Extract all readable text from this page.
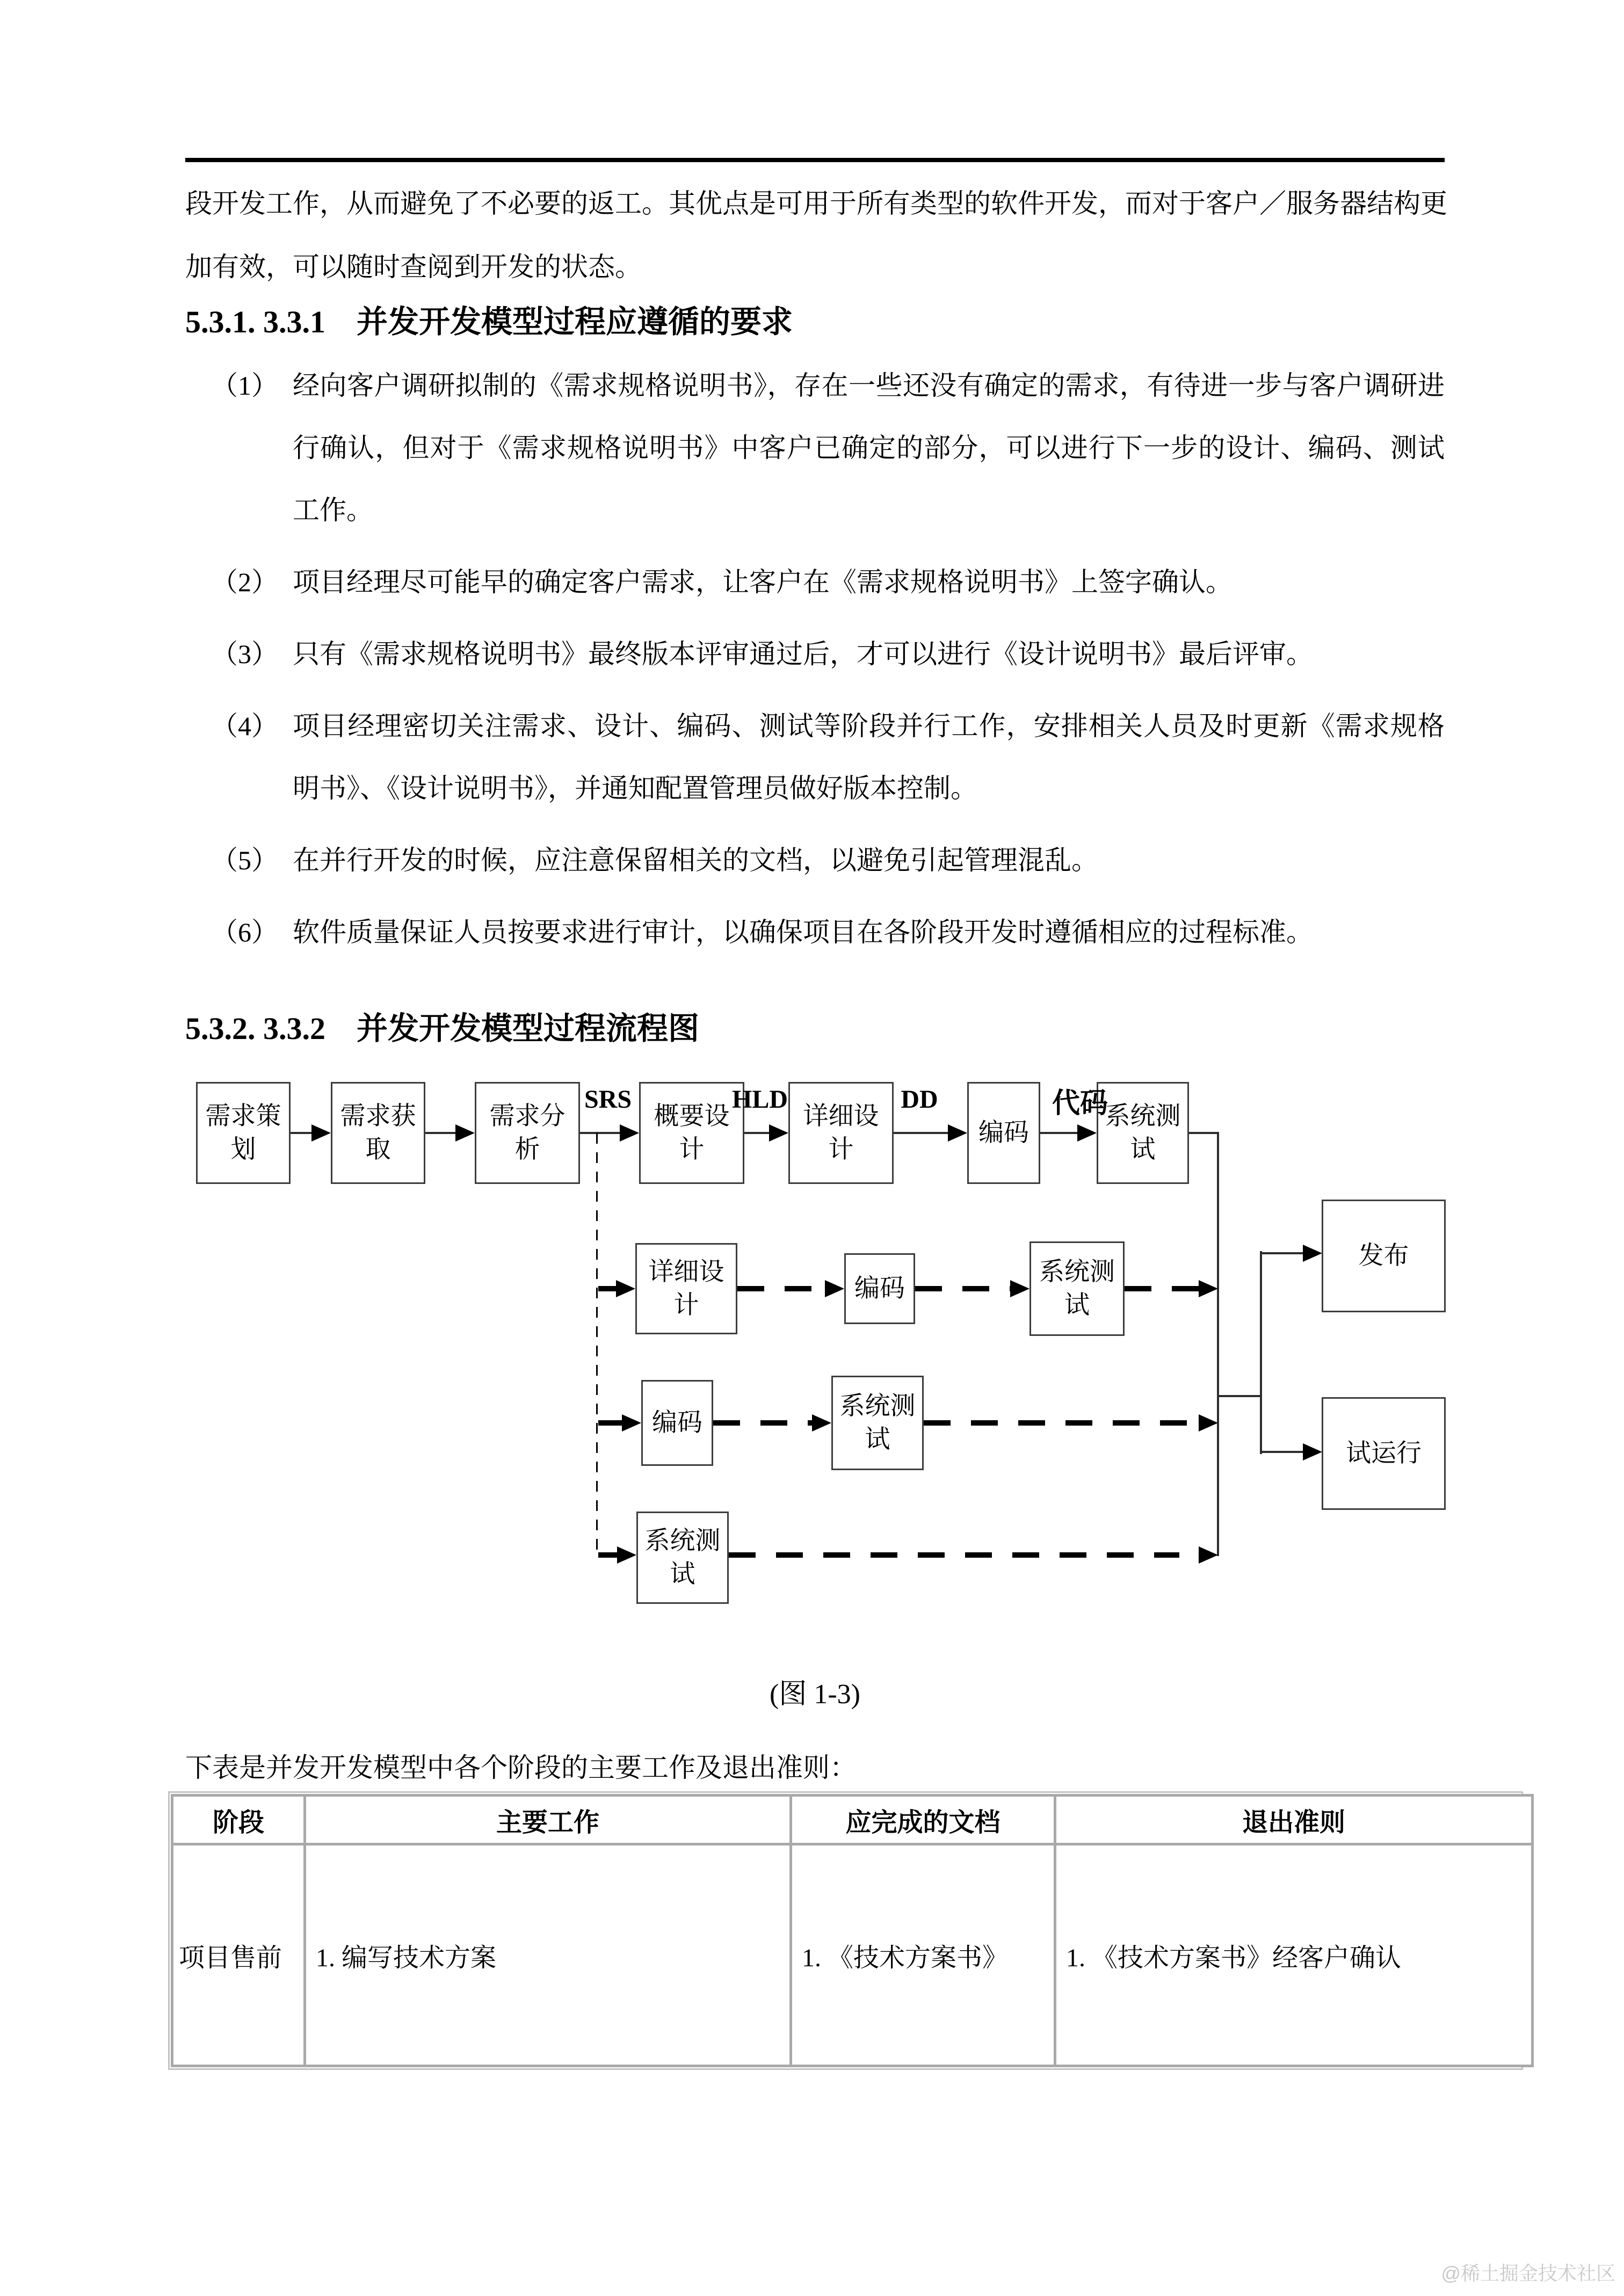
段开发工作，从而避免了不必要的返工。其优点是可用于所有类型的软件开发，而对于客户／服务器结构更加有效，可以随时查阅到开发的状态。
5.3.1. 3.3.1　并发开发模型过程应遵循的要求
（1） 经向客户调研拟制的《需求规格说明书》，存在一些还没有确定的需求，有待进一步与客户调研进行确认，但对于《需求规格说明书》中客户已确定的部分，可以进行下一步的设计、编码、测试工作。
（2） 项目经理尽可能早的确定客户需求，让客户在《需求规格说明书》上签字确认。
（3） 只有《需求规格说明书》最终版本评审通过后，才可以进行《设计说明书》最后评审。
（4） 项目经理密切关注需求、设计、编码、测试等阶段并行工作，安排相关人员及时更新《需求规格明书》、《设计说明书》，并通知配置管理员做好版本控制。
（5） 在并行开发的时候，应注意保留相关的文档，以避免引起管理混乱。
（6） 软件质量保证人员按要求进行审计，以确保项目在各阶段开发时遵循相应的过程标准。
5.3.2. 3.3.2　并发开发模型过程流程图
需求策划
需求获取
需求分析
概要设计
详细设计
编码
系统测试
SRS	HLD	DD	代码
发布
试运行
详细设计
编码
系统测试
编码
系统测试
系统测试
(图 1-3)
下表是并发开发模型中各个阶段的主要工作及退出准则：
阶段	主要工作	应完成的文档	退出准则
项目售前	1. 编写技术方案	1. 《技术方案书》	1. 《技术方案书》经客户确认
@稀土掘金技术社区
